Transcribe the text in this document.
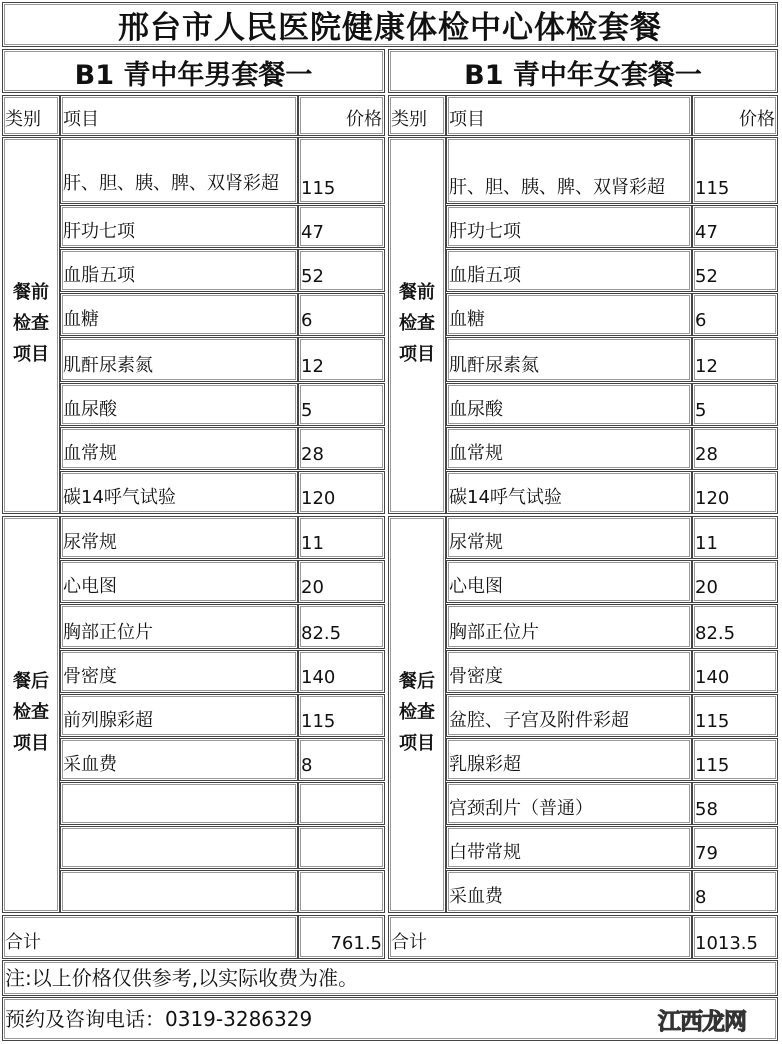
邢台市人民医院健康体检中心体检套餐
注:以上价格仅供参考,以实际收费为准。
预约及咨询电话：0319-3286329	江西龙网
B1 青中年男套餐一
类别	项目	价格
餐前检查项目
餐后检查项目
肝、胆、胰、脾、双肾彩超	115
肝功七项	47
血脂五项	52
血糖	6
肌酐尿素氮	12
血尿酸	5
血常规	28
碳14呼气试验	120
尿常规	11
心电图	20
胸部正位片	82.5
骨密度	140
前列腺彩超	115
采血费	8
合计	761.5
B1 青中年女套餐一
类别	项目	价格
餐前检查项目
餐后检查项目
肝、胆、胰、脾、双肾彩超	115
肝功七项	47
血脂五项	52
血糖	6
肌酐尿素氮	12
血尿酸	5
血常规	28
碳14呼气试验	120
尿常规	11
心电图	20
胸部正位片	82.5
骨密度	140
盆腔、子宫及附件彩超	115
乳腺彩超	115
宫颈刮片（普通）	58
白带常规	79
采血费	8
合计	1013.5
